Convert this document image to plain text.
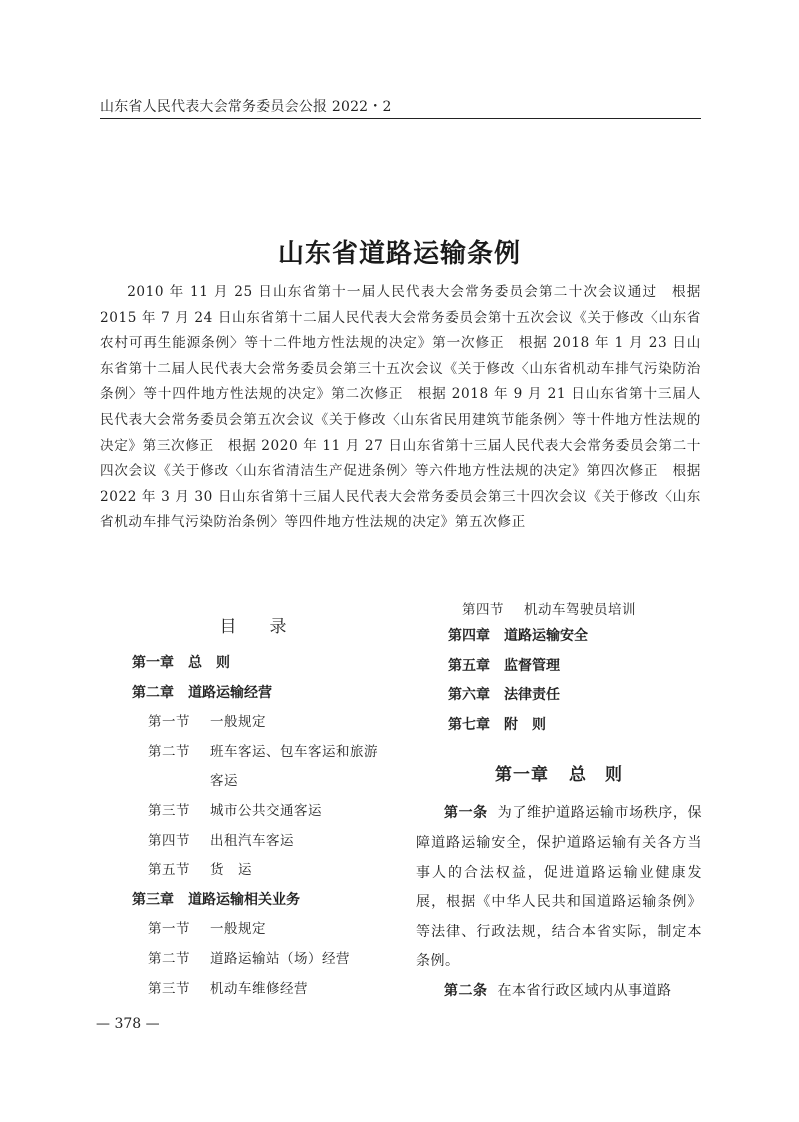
山东省人民代表大会常务委员会公报 2022・2
山东省道路运输条例

2010 年 11 月 25 日山东省第十一届人民代表大会常务委员会第二十次会议通过　根据 2015 年 7 月 24 日山东省第十二届人民代表大会常务委员会第十五次会议《关于修改〈山东省农村可再生能源条例〉等十二件地方性法规的决定》第一次修正　根据 2018 年 1 月 23 日山东省第十二届人民代表大会常务委员会第三十五次会议《关于修改〈山东省机动车排气污染防治条例〉等十四件地方性法规的决定》第二次修正　根据 2018 年 9 月 21 日山东省第十三届人民代表大会常务委员会第五次会议《关于修改〈山东省民用建筑节能条例〉等十件地方性法规的决定》第三次修正　根据 2020 年 11 月 27 日山东省第十三届人民代表大会常务委员会第二十四次会议《关于修改〈山东省清洁生产促进条例〉等六件地方性法规的决定》第四次修正　根据 2022 年 3 月 30 日山东省第十三届人民代表大会常务委员会第三十四次会议《关于修改〈山东省机动车排气污染防治条例〉等四件地方性法规的决定》第五次修正

目　录
第一章　总　则
第二章　道路运输经营
第一节 一般规定
第二节	班车客运、包车客运和旅游客运
第三节 城市公共交通客运
第四节 出租汽车客运
第五节 货　运
第三章　道路运输相关业务
第一节 一般规定
第二节 道路运输站（场）经营
第三节 机动车维修经营
第四节 机动车驾驶员培训
第四章　道路运输安全
第五章　监督管理
第六章　法律责任
第七章　附　则
第一章 总　则

第一条 为了维护道路运输市场秩序，保障道路运输安全，保护道路运输有关各方当事人的合法权益，促进道路运输业健康发展，根据《中华人民共和国道路运输条例》等法律、行政法规，结合本省实际，制定本条例。

第二条 在本省行政区域内从事道路

— 378 —
